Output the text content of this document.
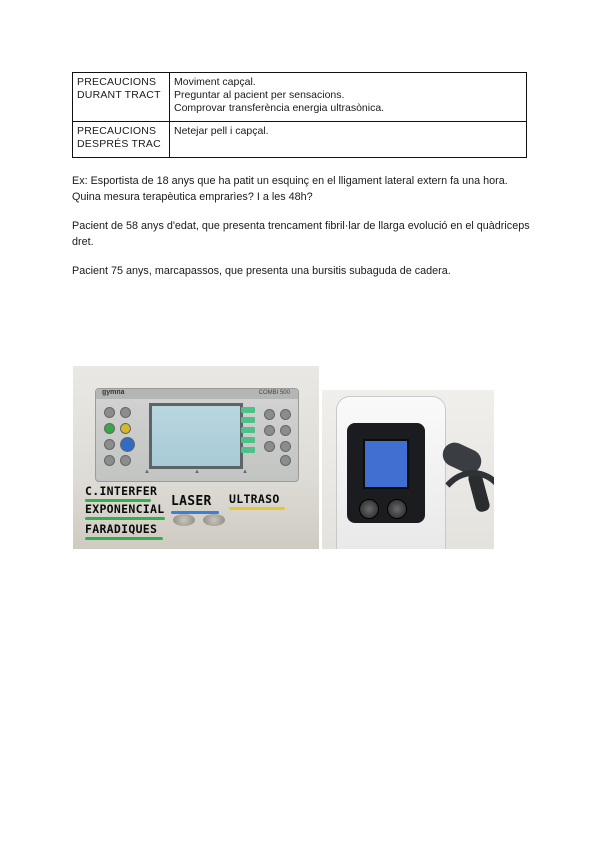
PRECAUCIONS
DURANT TRACT	Moviment capçal.
Preguntar al pacient per sensacions.
Comprovar transferència energia ultrasònica.
PRECAUCIONS
DESPRÉS TRAC	Netejar pell i capçal.
Ex: Esportista de 18 anys que ha patit un esquinç en el lligament lateral extern fa una hora. Quina mesura terapèutica emprarìes? I a les 48h?
Pacient de 58 anys d'edat, que presenta trencament fibril·lar de llarga evolució en el quàdriceps dret.
Pacient 75 anys, marcapassos, que presenta una bursitis subaguda de cadera.
gymna	COMBI 500
▲	▲	▲
C.INTERFER
EXPONENCIAL LASER ULTRASO
FARADIQUES
